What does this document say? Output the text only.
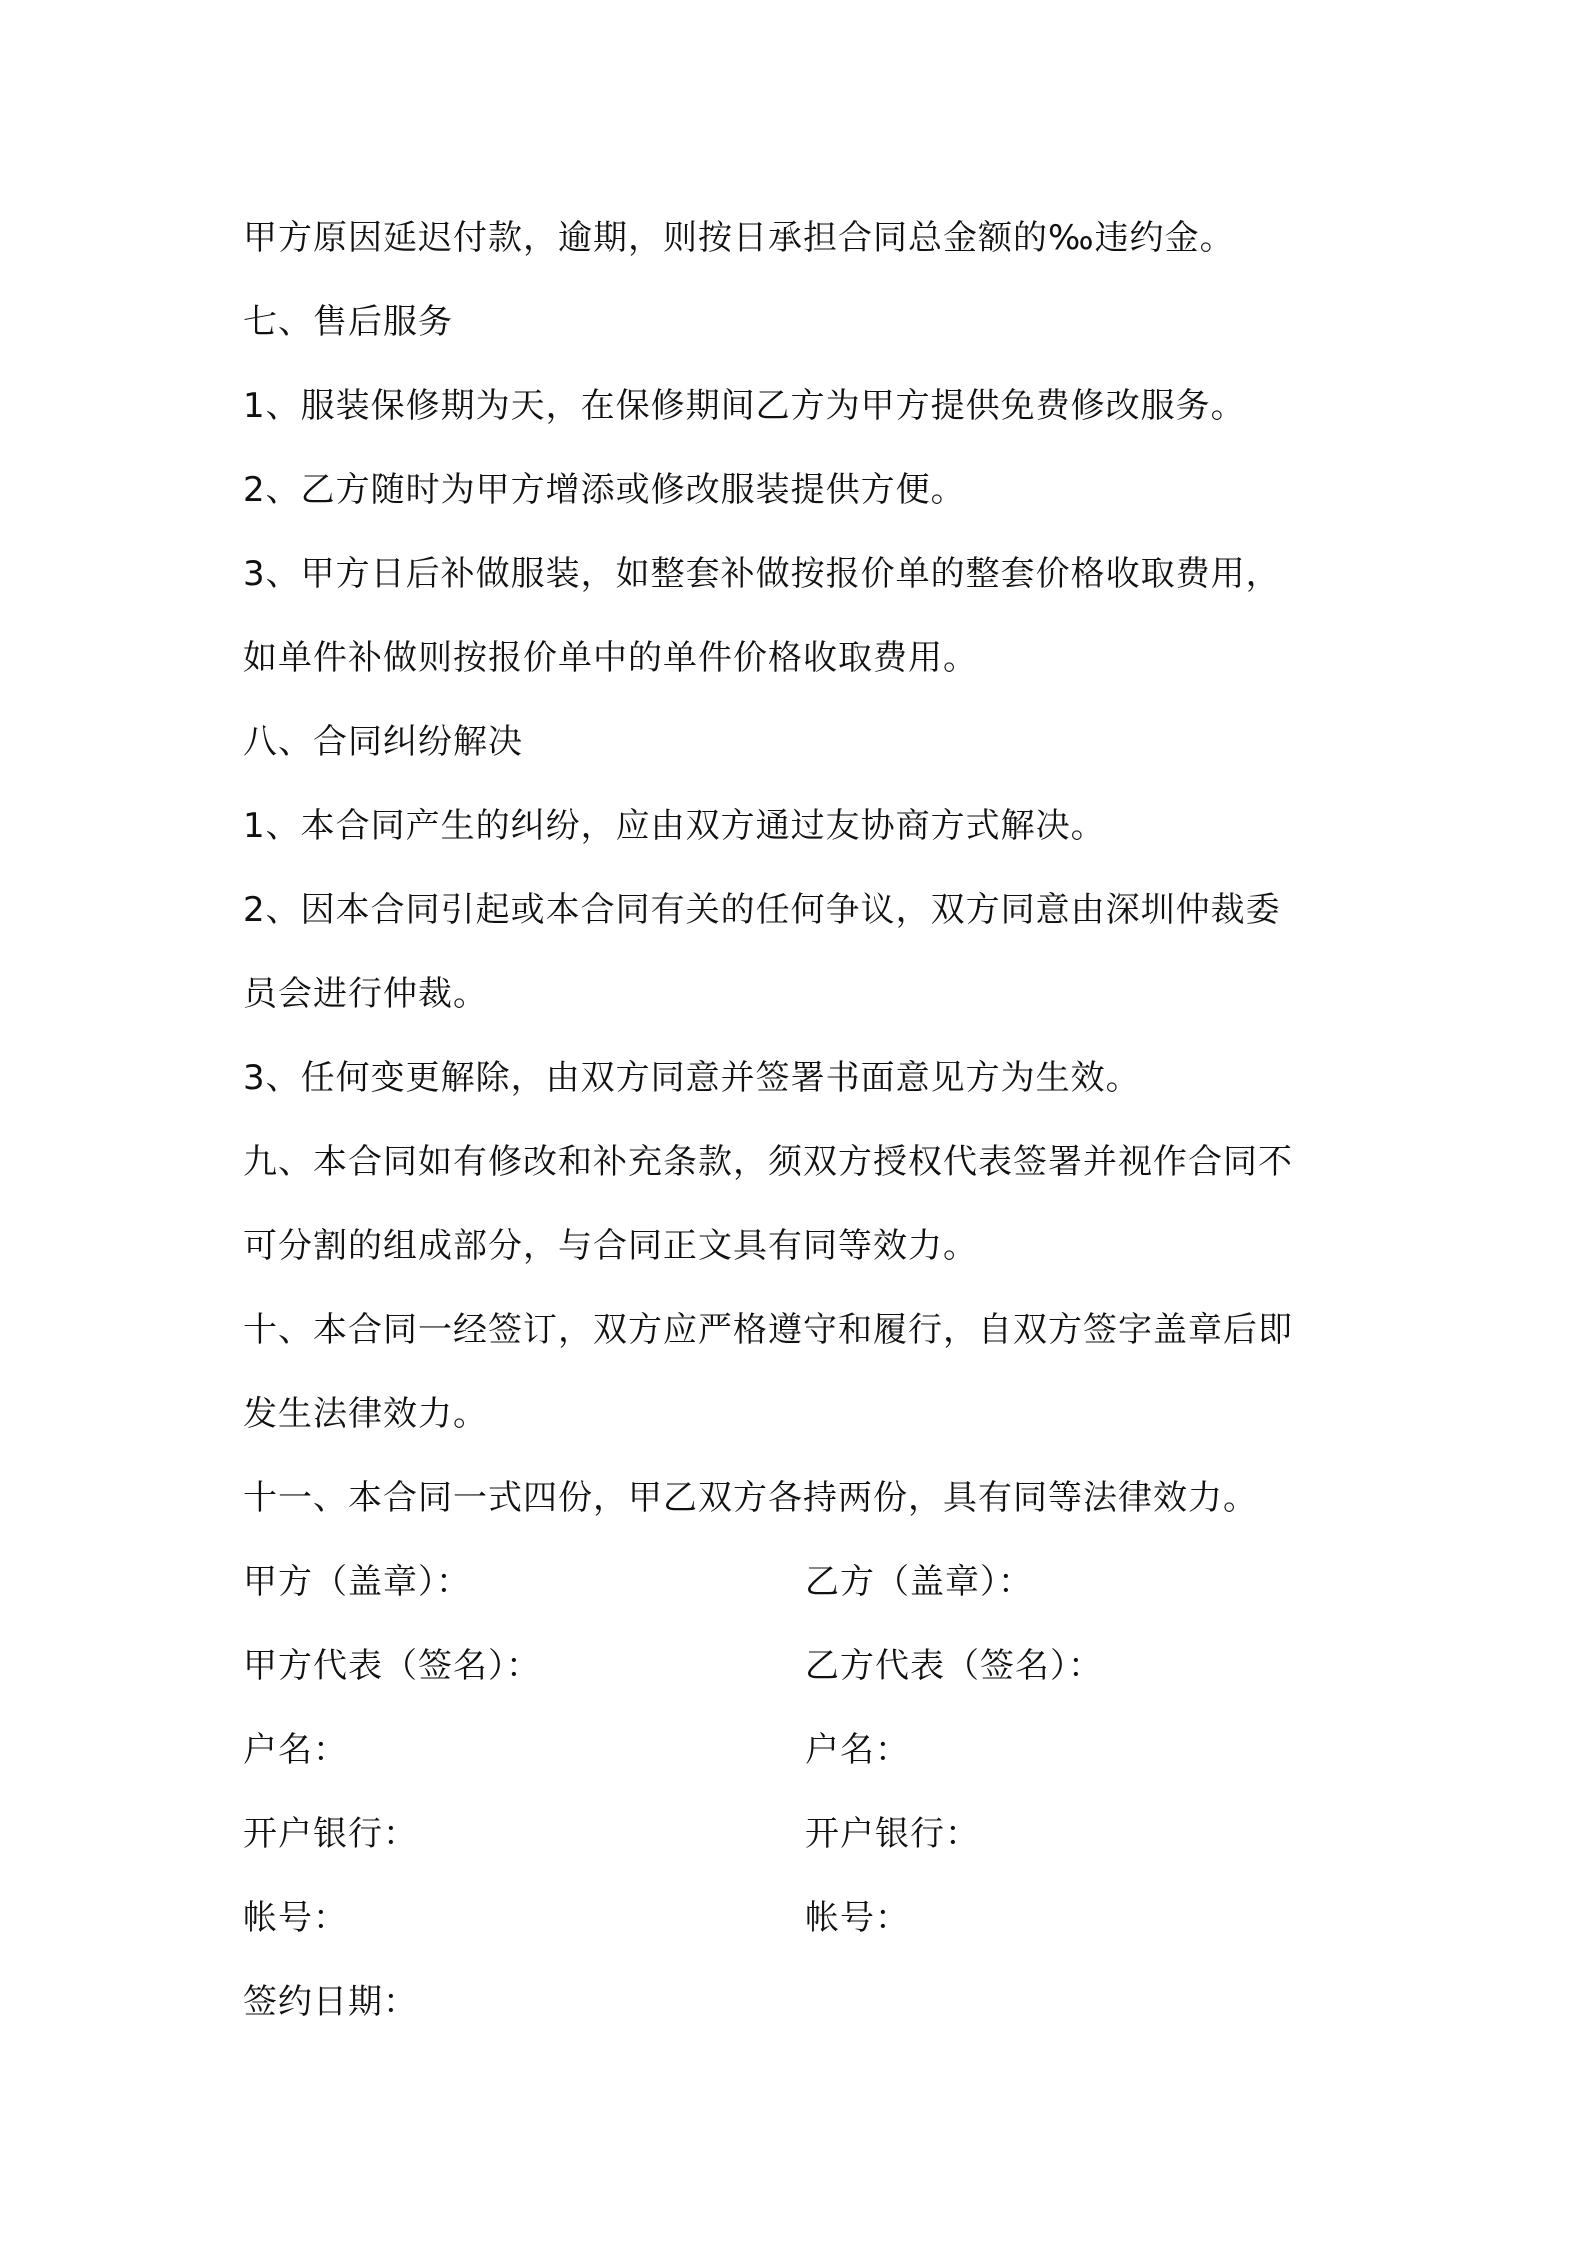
甲方原因延迟付款，逾期，则按日承担合同总金额的‰违约金。
七、售后服务
1、服装保修期为天，在保修期间乙方为甲方提供免费修改服务。
2、乙方随时为甲方增添或修改服装提供方便。
3、甲方日后补做服装，如整套补做按报价单的整套价格收取费用，
如单件补做则按报价单中的单件价格收取费用。
八、合同纠纷解决
1、本合同产生的纠纷，应由双方通过友协商方式解决。
2、因本合同引起或本合同有关的任何争议，双方同意由深圳仲裁委
员会进行仲裁。
3、任何变更解除，由双方同意并签署书面意见方为生效。
九、本合同如有修改和补充条款，须双方授权代表签署并视作合同不
可分割的组成部分，与合同正文具有同等效力。
十、本合同一经签订，双方应严格遵守和履行，自双方签字盖章后即
发生法律效力。
十一、本合同一式四份，甲乙双方各持两份，具有同等法律效力。
甲方（盖章）：	乙方（盖章）：
甲方代表（签名）：	乙方代表（签名）：
户名：	户名：
开户银行：	开户银行：
帐号：	帐号：
签约日期：
